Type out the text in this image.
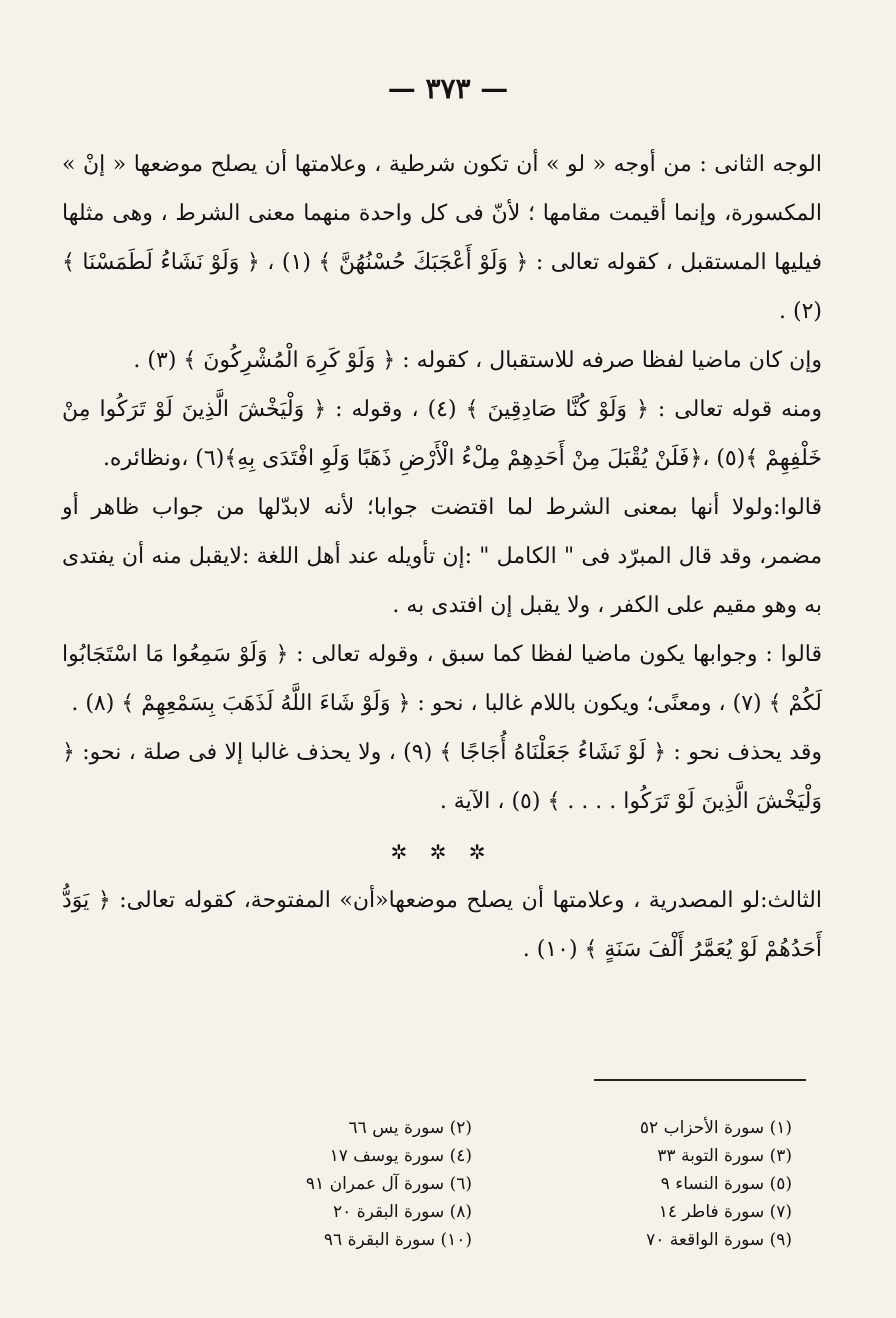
— ٣٧٣ —

الوجه الثانى : من أوجه « لو » أن تكون شرطية ، وعلامتها أن يصلح موضعها « إنْ » المكسورة، وإنما أقيمت مقامها ؛ لأنّ فى كل واحدة منهما معنى الشرط ، وهى مثلها فيليها المستقبل ، كقوله تعالى : ﴿ وَلَوْ أَعْجَبَكَ حُسْنُهُنَّ ﴾ (١) ، ﴿ وَلَوْ نَشَاءُ لَطَمَسْنَا ﴾ (٢) .

وإن كان ماضيا لفظا صرفه للاستقبال ، كقوله : ﴿ وَلَوْ كَرِهَ الْمُشْرِكُونَ ﴾ (٣) .

ومنه قوله تعالى : ﴿ وَلَوْ كُنَّا صَادِقِينَ ﴾ (٤) ، وقوله : ﴿ وَلْيَخْشَ الَّذِينَ لَوْ تَرَكُوا مِنْ خَلْفِهِمْ ﴾(٥) ،﴿فَلَنْ يُقْبَلَ مِنْ أَحَدِهِمْ مِلْءُ الْأَرْضِ ذَهَبًا وَلَوِ افْتَدَى بِهِ﴾(٦) ،ونظائره.

قالوا:ولولا أنها بمعنى الشرط لما اقتضت جوابا؛ لأنه لابدّلها من جواب ظاهر أو مضمر، وقد قال المبرّد فى " الكامل " :إن تأويله عند أهل اللغة :لايقبل منه أن يفتدى به وهو مقيم على الكفر ، ولا يقبل إن افتدى به .

قالوا : وجوابها يكون ماضيا لفظا كما سبق ، وقوله تعالى : ﴿ وَلَوْ سَمِعُوا مَا اسْتَجَابُوا لَكُمْ ﴾ (٧) ، ومعنًى؛ ويكون باللام غالبا ، نحو : ﴿ وَلَوْ شَاءَ اللَّهُ لَذَهَبَ بِسَمْعِهِمْ ﴾ (٨) .

وقد يحذف نحو : ﴿ لَوْ نَشَاءُ جَعَلْنَاهُ أُجَاجًا ﴾ (٩) ، ولا يحذف غالبا إلا فى صلة ، نحو: ﴿ وَلْيَخْشَ الَّذِينَ لَوْ تَرَكُوا . . . . ﴾ (٥) ، الآية .

✲ ✲ ✲

الثالث:لو المصدرية ، وعلامتها أن يصلح موضعها«أن» المفتوحة، كقوله تعالى: ﴿ يَوَدُّ أَحَدُهُمْ لَوْ يُعَمَّرُ أَلْفَ سَنَةٍ ﴾ (١٠) .

(١) سورة الأحزاب ٥٢
(٢) سورة يس ٦٦
(٣) سورة التوبة ٣٣
(٤) سورة يوسف ١٧
(٥) سورة النساء ٩
(٦) سورة آل عمران ٩١
(٧) سورة فاطر ١٤
(٨) سورة البقرة ٢٠
(٩) سورة الواقعة ٧٠
(١٠) سورة البقرة ٩٦
